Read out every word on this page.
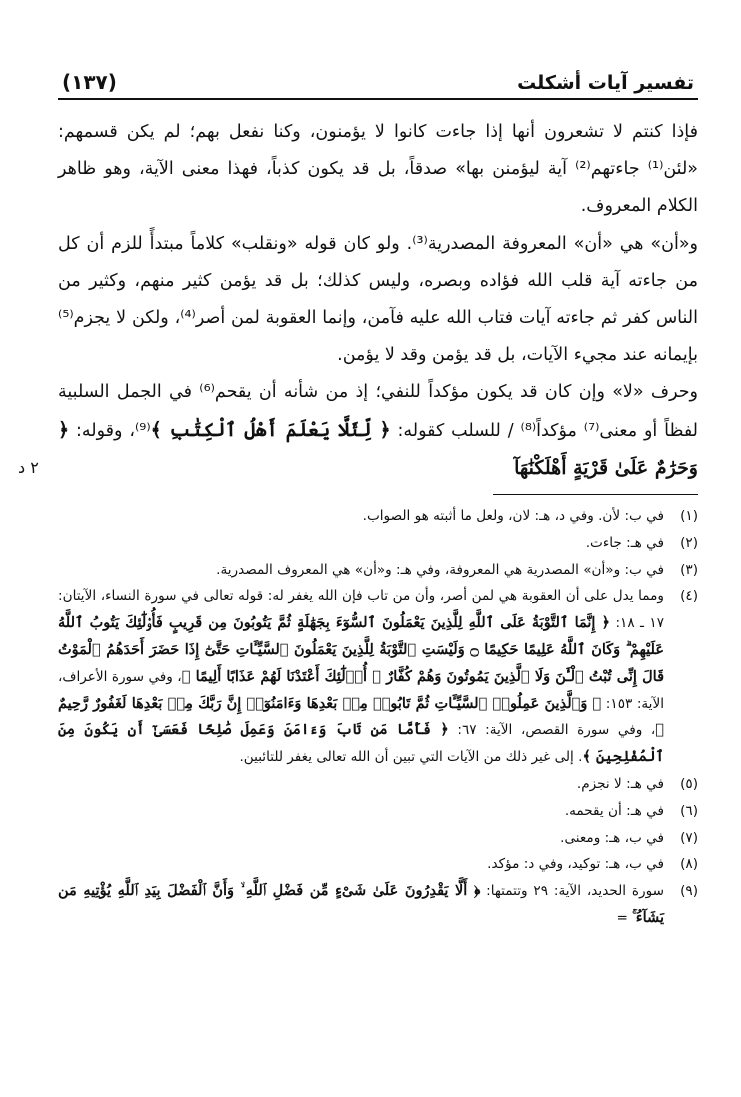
تفسير آيات أشكلت
(١٣٧)

فإذا كنتم لا تشعرون أنها إذا جاءت كانوا لا يؤمنون، وكنا نفعل بهم؛ لم يكن قسمهم: «لئن⁽¹⁾ جاءتهم⁽²⁾ آية ليؤمنن بها» صدقاً، بل قد يكون كذباً، فهذا معنى الآية، وهو ظاهر الكلام المعروف.

و«أن» هي «أن» المعروفة المصدرية⁽³⁾. ولو كان قوله «ونقلب» كلاماً مبتدأً للزم أن كل من جاءته آية قلب الله فؤاده وبصره، وليس كذلك؛ بل قد يؤمن كثير منهم، وكثير من الناس كفر ثم جاءته آيات فتاب الله عليه فآمن، وإنما العقوبة لمن أصر⁽⁴⁾، ولكن لا يجزم⁽⁵⁾ بإيمانه عند مجيء الآيات، بل قد يؤمن وقد لا يؤمن.

وحرف «لا» وإن كان قد يكون مؤكداً للنفي؛ إذ من شأنه أن يقحم⁽⁶⁾ في الجمل السلبية لفظاً أو معنى⁽⁷⁾ مؤكداً⁽⁸⁾ / للسلب كقوله: ﴿ لِّئَلَّا يَعْلَمَ أَهْلُ ٱلْكِتَٰبِ ﴾⁽⁹⁾، وقوله: ﴿ وَحَرَٰمٌ عَلَىٰ قَرْيَةٍ أَهْلَكْنَٰهَآ

(١)
في ب: لأن. وفي د، هـ: لان، ولعل ما أثبته هو الصواب.
(٢)
في هـ: جاءت.
(٣)
في ب: و«أن» المصدرية هي المعروفة، وفي هـ: و«أن» هي المعروف المصدرية.
(٤)
ومما يدل على أن العقوبة هي لمن أصر، وأن من تاب فإن الله يغفر له: قوله تعالى في سورة النساء، الآيتان: ١٧ ـ ١٨: ﴿ إِنَّمَا ٱلتَّوْبَةُ عَلَى ٱللَّهِ لِلَّذِينَ يَعْمَلُونَ ٱلسُّوٓءَ بِجَهَٰلَةٍ ثُمَّ يَتُوبُونَ مِن قَرِيبٍ فَأُو۟لَٰٓئِكَ يَتُوبُ ٱللَّهُ عَلَيْهِمْ ۗ وَكَانَ ٱللَّهُ عَلِيمًا حَكِيمًا ۝ وَلَيْسَتِ ٱلتَّوْبَةُ لِلَّذِينَ يَعْمَلُونَ ٱلسَّيِّـَٔاتِ حَتَّىٰٓ إِذَا حَضَرَ أَحَدَهُمُ ٱلْمَوْتُ قَالَ إِنِّى تُبْتُ ٱلْـَٰٔنَ وَلَا ٱلَّذِينَ يَمُوتُونَ وَهُمْ كُفَّارٌ ۚ أُو۟لَٰٓئِكَ أَعْتَدْنَا لَهُمْ عَذَابًا أَلِيمًا ﴾، وفي سورة الأعراف، الآية: ١٥٣: ﴿ وَٱلَّذِينَ عَمِلُوا۟ ٱلسَّيِّـَٔاتِ ثُمَّ تَابُوا۟ مِنۢ بَعْدِهَا وَءَامَنُوٓا۟ إِنَّ رَبَّكَ مِنۢ بَعْدِهَا لَغَفُورٌ رَّحِيمٌ ﴾، وفي سورة القصص، الآية: ٦٧: ﴿ فَأَمَّا مَن تَابَ وَءَامَنَ وَعَمِلَ صَٰلِحًا فَعَسَىٰٓ أَن يَكُونَ مِنَ ٱلْمُفْلِحِينَ ﴾. إلى غير ذلك من الآيات التي تبين أن الله تعالى يغفر للتائبين.
(٥)
في هـ: لا نجزم.
(٦)
في هـ: أن يقحمه.
(٧)
في ب، هـ: ومعنى.
(٨)
في ب، هـ: توكيد، وفي د: مؤكد.
(٩)
سورة الحديد، الآية: ٢٩ وتتمتها: ﴿ أَلَّا يَقْدِرُونَ عَلَىٰ شَىْءٍ مِّن فَضْلِ ٱللَّهِ ۙ وَأَنَّ ٱلْفَضْلَ بِيَدِ ٱللَّهِ يُؤْتِيهِ مَن يَشَآءُ ۚ =
٢ د
